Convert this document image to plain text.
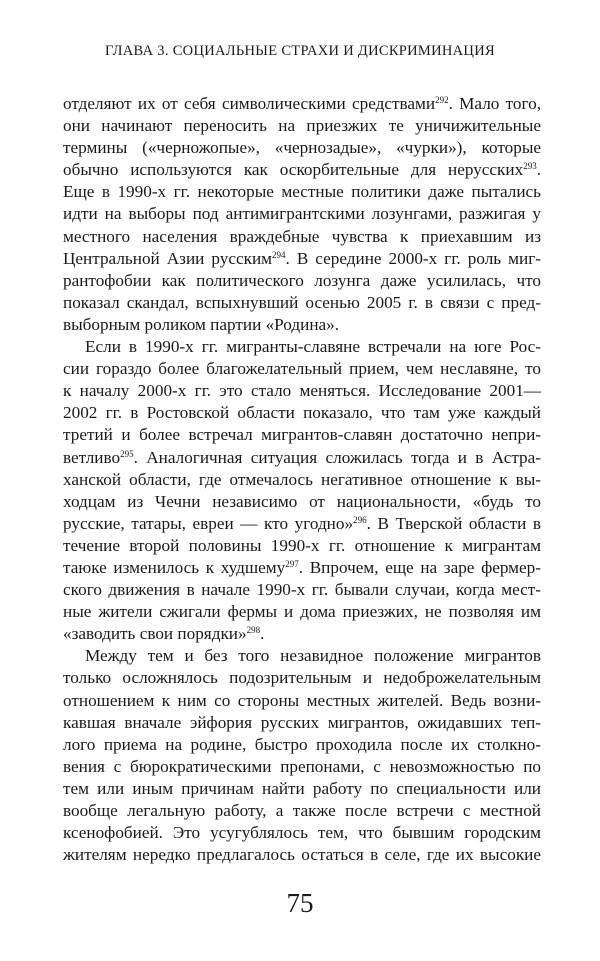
ГЛАВА 3. СОЦИАЛЬНЫЕ СТРАХИ И ДИСКРИМИНАЦИЯ
отделяют их от себя символическими средствами$^{292}$. Мало того,
они начинают переносить на приезжих те уничижительные
термины («черножопые», «чернозадые», «чурки»), которые
обычно используются как оскорбительные для нерусских$^{293}$.
Еще в 1990-х гг. некоторые местные политики даже пытались
идти на выборы под антимигрантскими лозунгами, разжигая у
местного населения враждебные чувства к приехавшим из
Центральной Азии русским$^{294}$. В середине 2000-х гг. роль миг-
рантофобии как политического лозунга даже усилилась, что
показал скандал, вспыхнувший осенью 2005 г. в связи с пред-
выборным роликом партии «Родина».
Если в 1990-х гг. мигранты-славяне встречали на юге Рос-
сии гораздо более благожелательный прием, чем неславяне, то
к началу 2000-х гг. это стало меняться. Исследование 2001—
2002 гг. в Ростовской области показало, что там уже каждый
третий и более встречал мигрантов-славян достаточно непри-
ветливо$^{295}$. Аналогичная ситуация сложилась тогда и в Астра-
ханской области, где отмечалось негативное отношение к вы-
ходцам из Чечни независимо от национальности, «будь то
русские, татары, евреи — кто угодно»$^{296}$. В Тверской области в
течение второй половины 1990-х гг. отношение к мигрантам
таюке изменилось к худшему$^{297}$. Впрочем, еще на заре фермер-
ского движения в начале 1990-х гг. бывали случаи, когда мест-
ные жители сжигали фермы и дома приезжих, не позволяя им
«заводить свои порядки»$^{298}$.
Между тем и без того незавидное положение мигрантов
только осложнялось подозрительным и недоброжелательным
отношением к ним со стороны местных жителей. Ведь возни-
кавшая вначале эйфория русских мигрантов, ожидавших теп-
лого приема на родине, быстро проходила после их столкно-
вения с бюрократическими препонами, с невозможностью по
тем или иным причинам найти работу по специальности или
вообще легальную работу, а также после встречи с местной
ксенофобией. Это усугублялось тем, что бывшим городским
жителям нередко предлагалось остаться в селе, где их высокие
75
